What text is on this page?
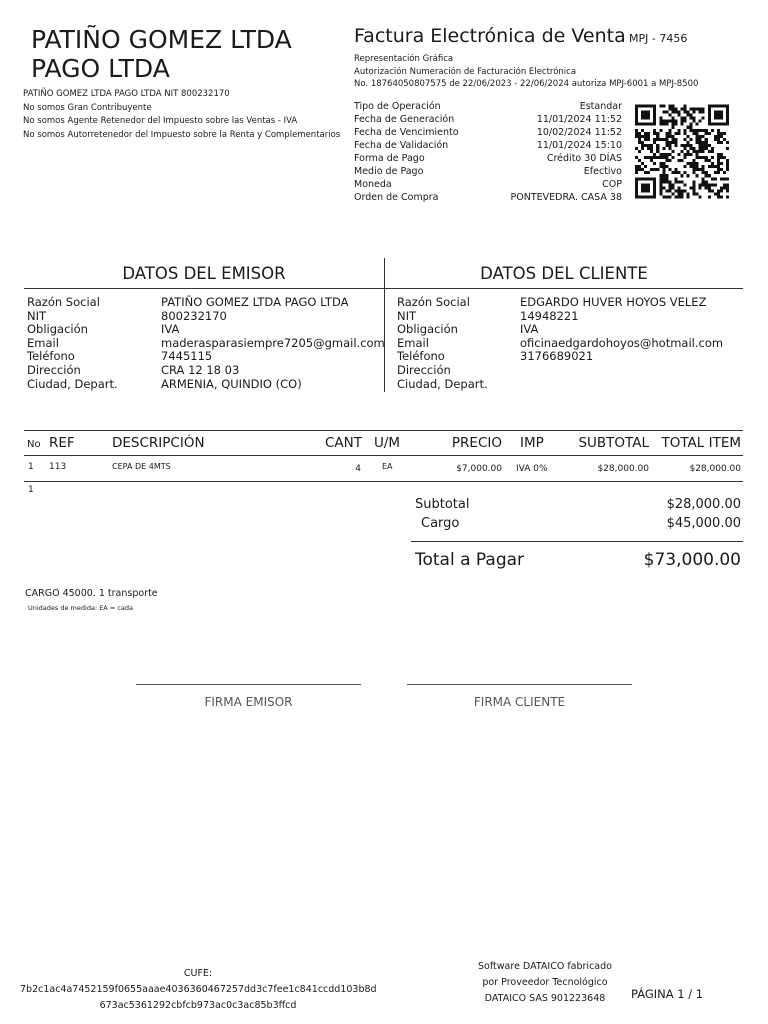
PATIÑO GOMEZ LTDA
PAGO LTDA
PATIÑO GOMEZ LTDA PAGO LTDA NIT 800232170
No somos Gran Contribuyente
No somos Agente Retenedor del Impuesto sobre las Ventas - IVA
No somos Autorretenedor del Impuesto sobre la Renta y Complementarios
Factura Electrónica de Venta MPJ - 7456
Representación Gráfica
Autorización Numeración de Facturación Electrónica
No. 18764050807575 de 22/06/2023 - 22/06/2024 autoriza MPJ-6001 a MPJ-8500
Tipo de Operación	Estandar
Fecha de Generación	11/01/2024 11:52
Fecha de Vencimiento	10/02/2024 11:52
Fecha de Validación	11/01/2024 15:10
Forma de Pago	Crédito 30 DÍAS
Medio de Pago	Efectivo
Moneda	COP
Orden de Compra	PONTEVEDRA. CASA 38
DATOS DEL EMISOR	DATOS DEL CLIENTE
Razón Social	PATIÑO GOMEZ LTDA PAGO LTDA
NIT	800232170
Obligación	IVA
Email	maderasparasiempre7205@gmail.com
Teléfono	7445115
Dirección	CRA 12 18 03
Ciudad, Depart.	ARMENIA, QUINDIO (CO)
Razón Social	EDGARDO HUVER HOYOS VELEZ
NIT	14948221
Obligación	IVA
Email	oficinaedgardohoyos@hotmail.com
Teléfono	3176689021
Dirección
Ciudad, Depart.
No REF	DESCRIPCIÓN	CANT U/M	PRECIO IMP	SUBTOTAL TOTAL ITEM
1 113	CEPA DE 4MTS	4	EA	$7,000.00 IVA 0%	$28,000.00	$28,000.00
1
Subtotal	$28,000.00
Cargo	$45,000.00
Total a Pagar	$73,000.00
CARGO 45000. 1 transporte
Unidades de medida: EA = cada
FIRMA EMISOR	FIRMA CLIENTE
CUFE:
7b2c1ac4a7452159f0655aaae4036360467257dd3c7fee1c841ccdd103b8d
673ac5361292cbfcb973ac0c3ac85b3ffcd
Software DATAICO fabricado
por Proveedor Tecnológico
DATAICO SAS 901223648	PÁGINA 1 / 1
